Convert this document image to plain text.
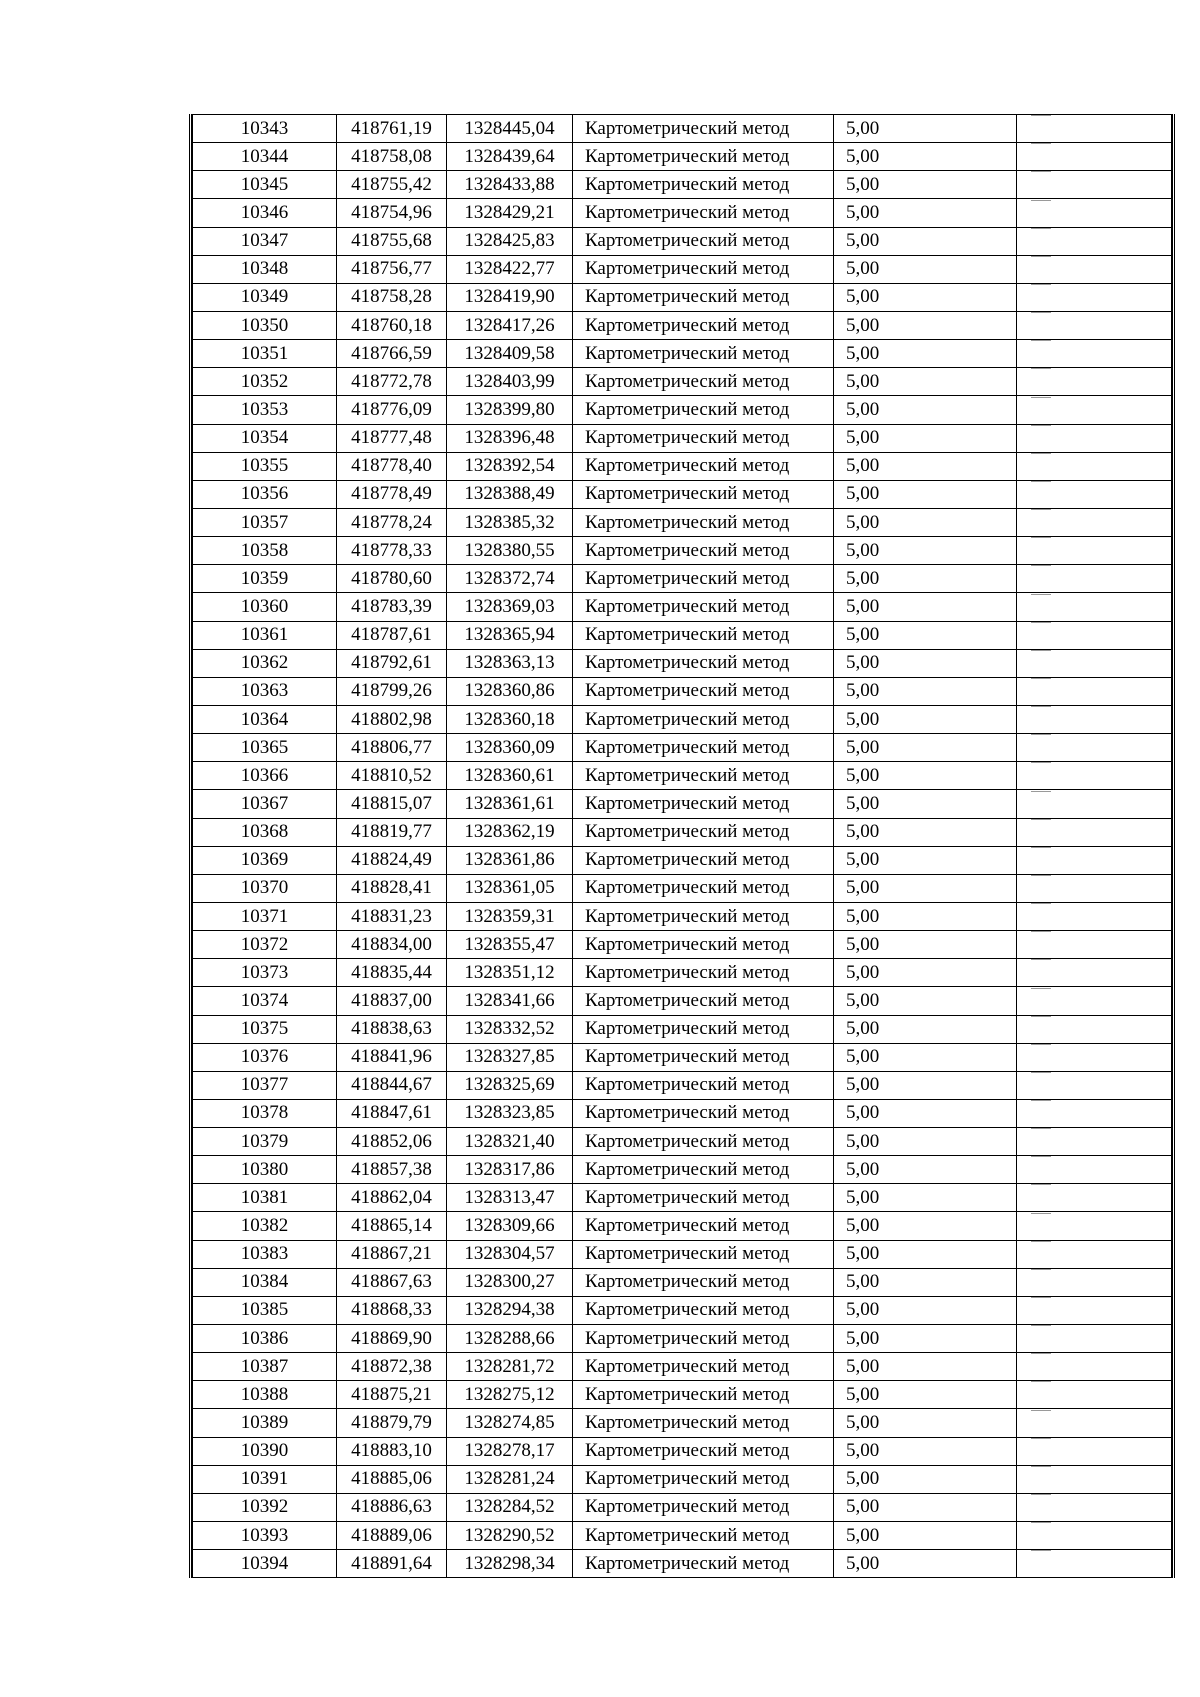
10343	418761,19	1328445,04	Картометрический метод	5,00	
10344	418758,08	1328439,64	Картометрический метод	5,00	
10345	418755,42	1328433,88	Картометрический метод	5,00	
10346	418754,96	1328429,21	Картометрический метод	5,00	
10347	418755,68	1328425,83	Картометрический метод	5,00	
10348	418756,77	1328422,77	Картометрический метод	5,00	
10349	418758,28	1328419,90	Картометрический метод	5,00	
10350	418760,18	1328417,26	Картометрический метод	5,00	
10351	418766,59	1328409,58	Картометрический метод	5,00	
10352	418772,78	1328403,99	Картометрический метод	5,00	
10353	418776,09	1328399,80	Картометрический метод	5,00	
10354	418777,48	1328396,48	Картометрический метод	5,00	
10355	418778,40	1328392,54	Картометрический метод	5,00	
10356	418778,49	1328388,49	Картометрический метод	5,00	
10357	418778,24	1328385,32	Картометрический метод	5,00	
10358	418778,33	1328380,55	Картометрический метод	5,00	
10359	418780,60	1328372,74	Картометрический метод	5,00	
10360	418783,39	1328369,03	Картометрический метод	5,00	
10361	418787,61	1328365,94	Картометрический метод	5,00	
10362	418792,61	1328363,13	Картометрический метод	5,00	
10363	418799,26	1328360,86	Картометрический метод	5,00	
10364	418802,98	1328360,18	Картометрический метод	5,00	
10365	418806,77	1328360,09	Картометрический метод	5,00	
10366	418810,52	1328360,61	Картометрический метод	5,00	
10367	418815,07	1328361,61	Картометрический метод	5,00	
10368	418819,77	1328362,19	Картометрический метод	5,00	
10369	418824,49	1328361,86	Картометрический метод	5,00	
10370	418828,41	1328361,05	Картометрический метод	5,00	
10371	418831,23	1328359,31	Картометрический метод	5,00	
10372	418834,00	1328355,47	Картометрический метод	5,00	
10373	418835,44	1328351,12	Картометрический метод	5,00	
10374	418837,00	1328341,66	Картометрический метод	5,00	
10375	418838,63	1328332,52	Картометрический метод	5,00	
10376	418841,96	1328327,85	Картометрический метод	5,00	
10377	418844,67	1328325,69	Картометрический метод	5,00	
10378	418847,61	1328323,85	Картометрический метод	5,00	
10379	418852,06	1328321,40	Картометрический метод	5,00	
10380	418857,38	1328317,86	Картометрический метод	5,00	
10381	418862,04	1328313,47	Картометрический метод	5,00	
10382	418865,14	1328309,66	Картометрический метод	5,00	
10383	418867,21	1328304,57	Картометрический метод	5,00	
10384	418867,63	1328300,27	Картометрический метод	5,00	
10385	418868,33	1328294,38	Картометрический метод	5,00	
10386	418869,90	1328288,66	Картометрический метод	5,00	
10387	418872,38	1328281,72	Картометрический метод	5,00	
10388	418875,21	1328275,12	Картометрический метод	5,00	
10389	418879,79	1328274,85	Картометрический метод	5,00	
10390	418883,10	1328278,17	Картометрический метод	5,00	
10391	418885,06	1328281,24	Картометрический метод	5,00	
10392	418886,63	1328284,52	Картометрический метод	5,00	
10393	418889,06	1328290,52	Картометрический метод	5,00	
10394	418891,64	1328298,34	Картометрический метод	5,00	
